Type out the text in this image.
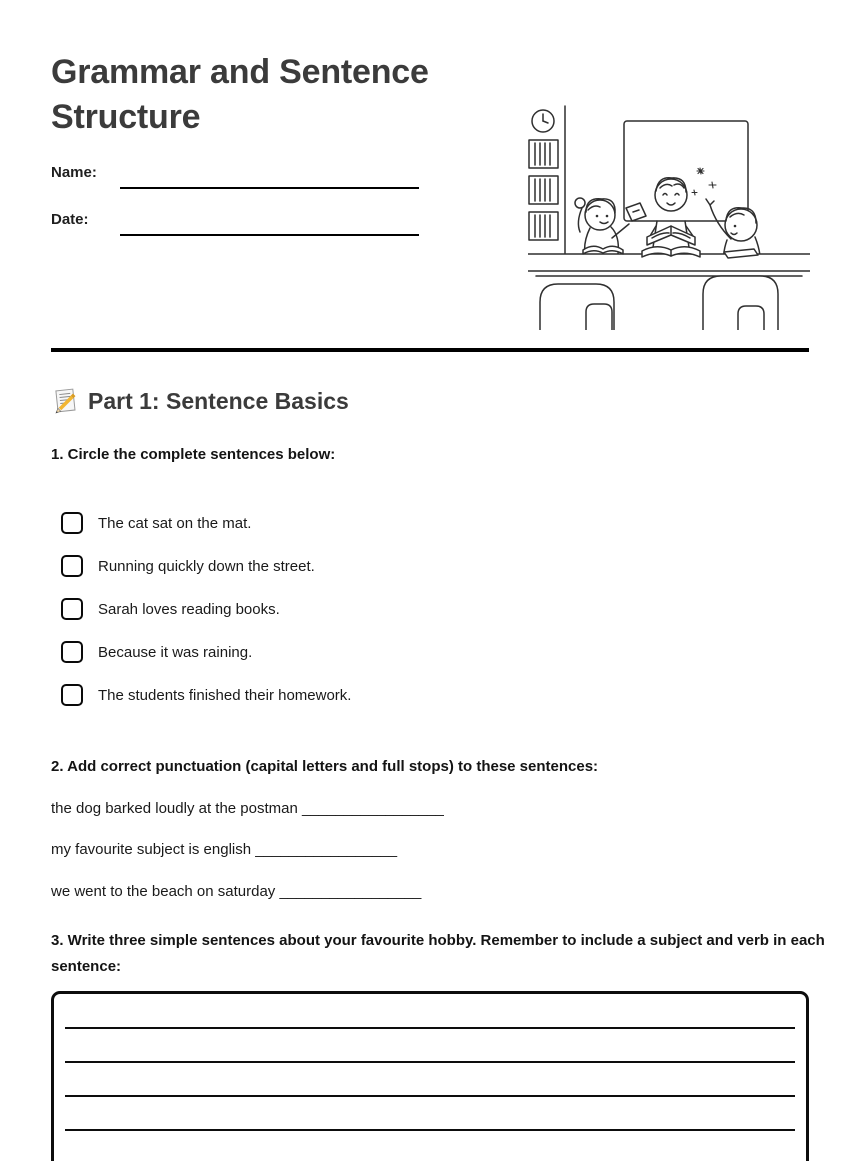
Grammar and Sentence Structure
Name:
Date:
Part 1: Sentence Basics
1. Circle the complete sentences below:
The cat sat on the mat.
Running quickly down the street.
Sarah loves reading books.
Because it was raining.
The students finished their homework.
2. Add correct punctuation (capital letters and full stops) to these sentences:
the dog barked loudly at the postman _________________
my favourite subject is english _________________
we went to the beach on saturday _________________
3. Write three simple sentences about your favourite hobby. Remember to include a subject and verb in each sentence:
